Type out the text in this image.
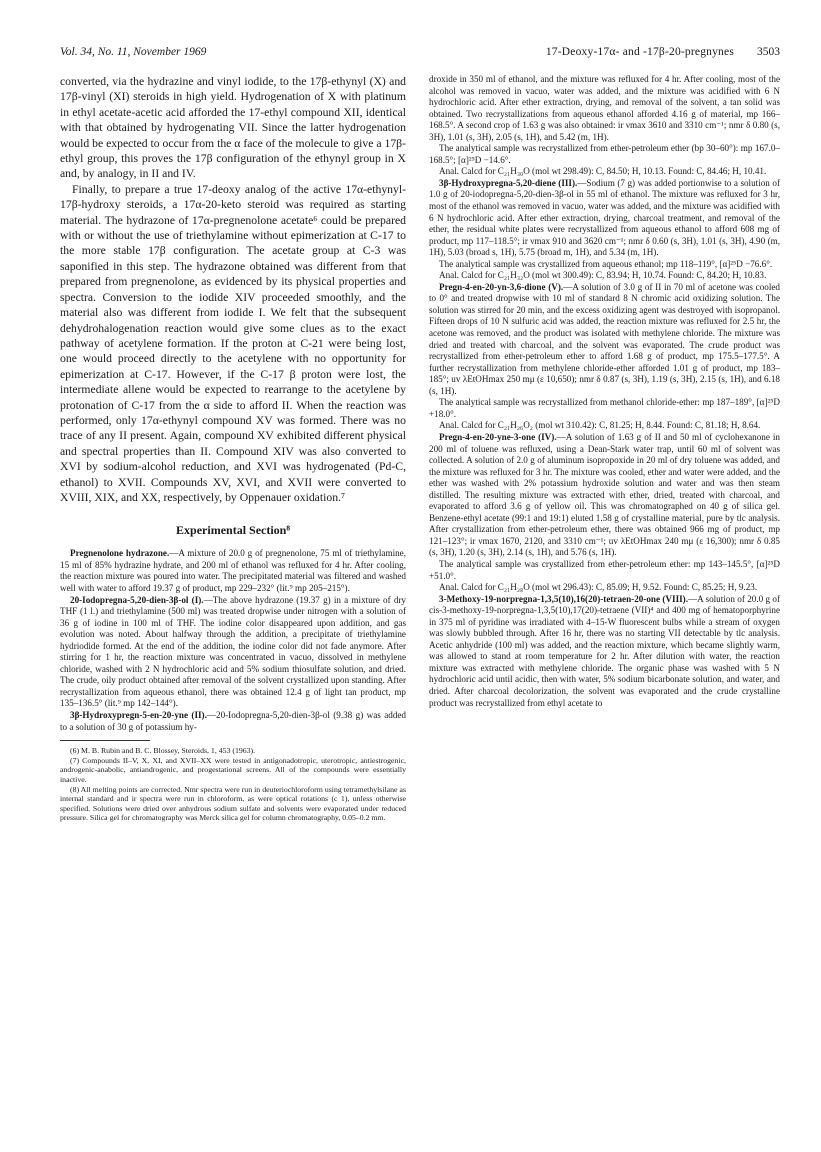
Vol. 34, No. 11, November 1969	17-Deoxy-17α- and -17β-20-pregnynes 3503

converted, via the hydrazine and vinyl iodide, to the 17β-ethynyl (X) and 17β-vinyl (XI) steroids in high yield. Hydrogenation of X with platinum in ethyl acetate-acetic acid afforded the 17-ethyl compound XII, identical with that obtained by hydrogenating VII. Since the latter hydrogenation would be expected to occur from the α face of the molecule to give a 17β-ethyl group, this proves the 17β configuration of the ethynyl group in X and, by analogy, in II and IV.

Finally, to prepare a true 17-deoxy analog of the active 17α-ethynyl-17β-hydroxy steroids, a 17α-20-keto steroid was required as starting material. The hydrazone of 17α-pregnenolone acetate⁶ could be prepared with or without the use of triethylamine without epimerization at C-17 to the more stable 17β configuration. The acetate group at C-3 was saponified in this step. The hydrazone obtained was different from that prepared from pregnenolone, as evidenced by its physical properties and spectra. Conversion to the iodide XIV proceeded smoothly, and the material also was different from iodide I. We felt that the subsequent dehydrohalogenation reaction would give some clues as to the exact pathway of acetylene formation. If the proton at C-21 were being lost, one would proceed directly to the acetylene with no opportunity for epimerization at C-17. However, if the C-17 β proton were lost, the intermediate allene would be expected to rearrange to the acetylene by protonation of C-17 from the α side to afford II. When the reaction was performed, only 17α-ethynyl compound XV was formed. There was no trace of any II present. Again, compound XV exhibited different physical and spectral properties than II. Compound XIV was also converted to XVI by sodium-alcohol reduction, and XVI was hydrogenated (Pd-C, ethanol) to XVII. Compounds XV, XVI, and XVII were converted to XVIII, XIX, and XX, respectively, by Oppenauer oxidation.⁷

Experimental Section⁸

Pregnenolone hydrazone.—A mixture of 20.0 g of pregnenolone, 75 ml of triethylamine, 15 ml of 85% hydrazine hydrate, and 200 ml of ethanol was refluxed for 4 hr. After cooling, the reaction mixture was poured into water. The precipitated material was filtered and washed well with water to afford 19.37 g of product, mp 229–232° (lit.⁹ mp 205–215°).

20-Iodopregna-5,20-dien-3β-ol (I).—The above hydrazone (19.37 g) in a mixture of dry THF (1 l.) and triethylamine (500 ml) was treated dropwise under nitrogen with a solution of 36 g of iodine in 100 ml of THF. The iodine color disappeared upon addition, and gas evolution was noted. About halfway through the addition, a precipitate of triethylamine hydriodide formed. At the end of the addition, the iodine color did not fade anymore. After stirring for 1 hr, the reaction mixture was concentrated in vacuo, dissolved in methylene chloride, washed with 2 N hydrochloric acid and 5% sodium thiosulfate solution, and dried. The crude, oily product obtained after removal of the solvent crystallized upon standing. After recrystallization from aqueous ethanol, there was obtained 12.4 g of light tan product, mp 135–136.5° (lit.⁹ mp 142–144°).

3β-Hydroxypregn-5-en-20-yne (II).—20-Iodopregna-5,20-dien-3β-ol (9.38 g) was added to a solution of 30 g of potassium hy-

(6) M. B. Rubin and B. C. Blossey, Steroids, 1, 453 (1963).

(7) Compounds II–V, X, XI, and XVII–XX were tested in antigonadotropic, uterotropic, antiestrogenic, androgenic-anabolic, antiandrogenic, and progestational screens. All of the compounds were essentially inactive.

(8) All melting points are corrected. Nmr spectra were run in deuteriochloroform using tetramethylsilane as internal standard and ir spectra were run in chloroform, as were optical rotations (c 1), unless otherwise specified. Solutions were dried over anhydrous sodium sulfate and solvents were evaporated under reduced pressure. Silica gel for chromatography was Merck silica gel for column chromatography, 0.05–0.2 mm.

droxide in 350 ml of ethanol, and the mixture was refluxed for 4 hr. After cooling, most of the alcohol was removed in vacuo, water was added, and the mixture was acidified with 6 N hydrochloric acid. After ether extraction, drying, and removal of the solvent, a tan solid was obtained. Two recrystallizations from aqueous ethanol afforded 4.16 g of material, mp 166–168.5°. A second crop of 1.63 g was also obtained: ir νmax 3610 and 3310 cm⁻¹; nmr δ 0.80 (s, 3H), 1.01 (s, 3H), 2.05 (s, 1H), and 5.42 (m, 1H).

The analytical sample was recrystallized from ether-petroleum ether (bp 30–60°): mp 167.0–168.5°; [α]²⁵D −14.6°.

Anal. Calcd for C₂₁H₃₀O (mol wt 298.49): C, 84.50; H, 10.13. Found: C, 84.46; H, 10.41.

3β-Hydroxypregna-5,20-diene (III).—Sodium (7 g) was added portionwise to a solution of 1.0 g of 20-iodopregna-5,20-dien-3β-ol in 55 ml of ethanol. The mixture was refluxed for 3 hr, most of the ethanol was removed in vacuo, water was added, and the mixture was acidified with 6 N hydrochloric acid. After ether extraction, drying, charcoal treatment, and removal of the ether, the residual white plates were recrystallized from aqueous ethanol to afford 608 mg of product, mp 117–118.5°; ir νmax 910 and 3620 cm⁻¹; nmr δ 0.60 (s, 3H), 1.01 (s, 3H), 4.90 (m, 1H), 5.03 (broad s, 1H), 5.75 (broad m, 1H), and 5.34 (m, 1H).

The analytical sample was crystallized from aqueous ethanol; mp 118–119°, [α]²⁵D −76.6°.

Anal. Calcd for C₂₁H₃₂O (mol wt 300.49): C, 83.94; H, 10.74. Found: C, 84.20; H, 10.83.

Pregn-4-en-20-yn-3,6-dione (V).—A solution of 3.0 g of II in 70 ml of acetone was cooled to 0° and treated dropwise with 10 ml of standard 8 N chromic acid oxidizing solution. The solution was stirred for 20 min, and the excess oxidizing agent was destroyed with isopropanol. Fifteen drops of 10 N sulfuric acid was added, the reaction mixture was refluxed for 2.5 hr, the acetone was removed, and the product was isolated with methylene chloride. The mixture was dried and treated with charcoal, and the solvent was evaporated. The crude product was recrystallized from ether-petroleum ether to afford 1.68 g of product, mp 175.5–177.5°. A further recrystallization from methylene chloride-ether afforded 1.01 g of product, mp 183–185°; uv λEtOHmax 250 mμ (ε 10,650); nmr δ 0.87 (s, 3H), 1.19 (s, 3H), 2.15 (s, 1H), and 6.18 (s, 1H).

The analytical sample was recrystallized from methanol chloride-ether: mp 187–189°, [α]²⁵D +18.0°.

Anal. Calcd for C₂₁H₂₆O₂ (mol wt 310.42): C, 81.25; H, 8.44. Found: C, 81.18; H, 8.64.

Pregn-4-en-20-yne-3-one (IV).—A solution of 1.63 g of II and 50 ml of cyclohexanone in 200 ml of toluene was refluxed, using a Dean-Stark water trap, until 60 ml of solvent was collected. A solution of 2.0 g of aluminum isopropoxide in 20 ml of dry toluene was added, and the mixture was refluxed for 3 hr. The mixture was cooled, ether and water were added, and the ether was washed with 2% potassium hydroxide solution and water and was then steam distilled. The resulting mixture was extracted with ether, dried, treated with charcoal, and evaporated to afford 3.6 g of yellow oil. This was chromatographed on 40 g of silica gel. Benzene-ethyl acetate (99:1 and 19:1) eluted 1.58 g of crystalline material, pure by tlc analysis. After crystallization from ether-petroleum ether, there was obtained 966 mg of product, mp 121–123°; ir νmax 1670, 2120, and 3310 cm⁻¹; uv λEtOHmax 240 mμ (ε 16,300); nmr δ 0.85 (s, 3H), 1.20 (s, 3H), 2.14 (s, 1H), and 5.76 (s, 1H).

The analytical sample was crystallized from ether-petroleum ether: mp 143–145.5°, [α]²⁵D +51.0°.

Anal. Calcd for C₂₁H₂₈O (mol wt 296.43): C, 85.09; H, 9.52. Found: C, 85.25; H, 9.23.

3-Methoxy-19-norpregna-1,3,5(10),16(20)-tetraen-20-one (VIII).—A solution of 20.0 g of cis-3-methoxy-19-norpregna-1,3,5(10),17(20)-tetraene (VII)⁴ and 400 mg of hematoporphyrine in 375 ml of pyridine was irradiated with 4–15-W fluorescent bulbs while a stream of oxygen was slowly bubbled through. After 16 hr, there was no starting VII detectable by tlc analysis. Acetic anhydride (100 ml) was added, and the reaction mixture, which became slightly warm, was allowed to stand at room temperature for 2 hr. After dilution with water, the reaction mixture was extracted with methylene chloride. The organic phase was washed with 5 N hydrochloric acid until acidic, then with water, 5% sodium bicarbonate solution, and water, and dried. After charcoal decolorization, the solvent was evaporated and the crude crystalline product was recrystallized from ethyl acetate to
